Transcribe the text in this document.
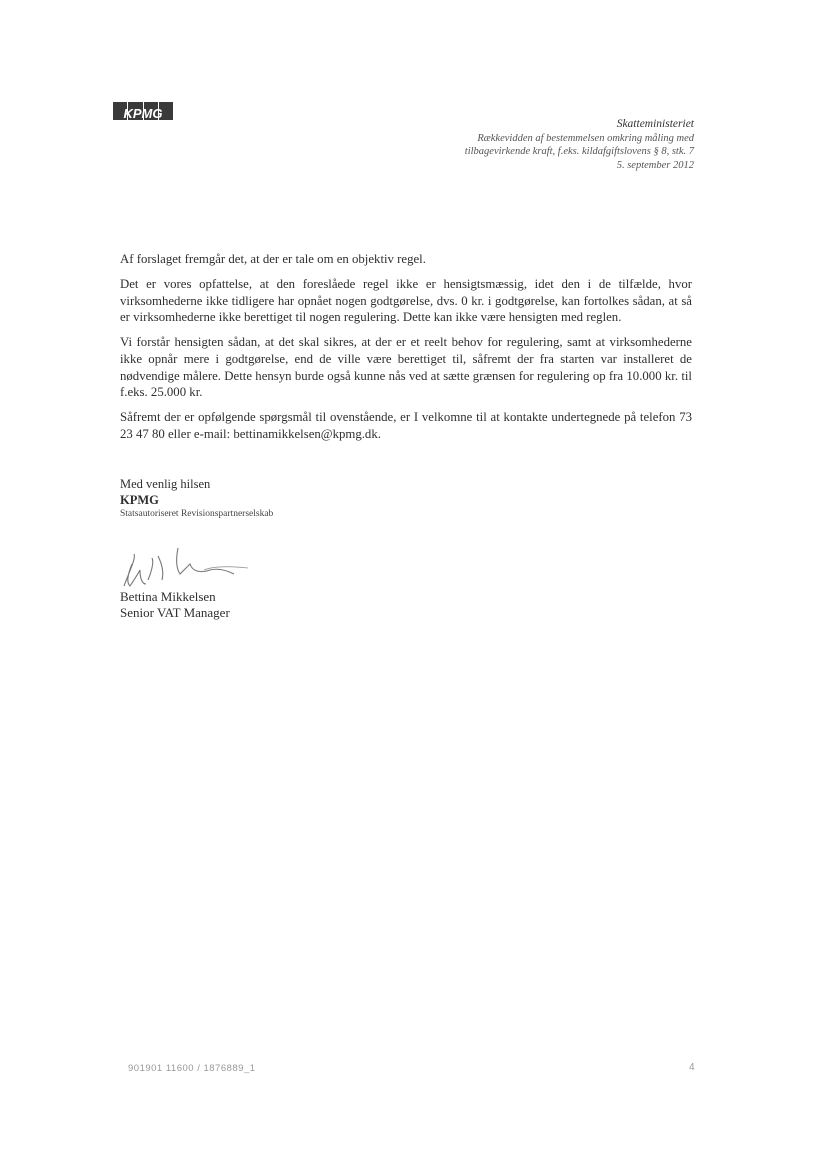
KPMG
Skatteministeriet
Rækkevidden af bestemmelsen omkring måling med
tilbagevirkende kraft, f.eks. kildafgiftslovens § 8, stk. 7
5. september 2012

Af forslaget fremgår det, at der er tale om en objektiv regel.

Det er vores opfattelse, at den foreslåede regel ikke er hensigtsmæssig, idet den i de tilfælde, hvor virksomhederne ikke tidligere har opnået nogen godtgørelse, dvs. 0 kr. i godtgørelse, kan fortolkes sådan, at så er virksomhederne ikke berettiget til nogen regulering. Dette kan ikke være hensigten med reglen.

Vi forstår hensigten sådan, at det skal sikres, at der er et reelt behov for regulering, samt at virksomhederne ikke opnår mere i godtgørelse, end de ville være berettiget til, såfremt der fra starten var installeret de nødvendige målere. Dette hensyn burde også kunne nås ved at sætte grænsen for regulering op fra 10.000 kr. til f.eks. 25.000 kr.

Såfremt der er opfølgende spørgsmål til ovenstående, er I velkomne til at kontakte undertegnede på telefon 73 23 47 80 eller e-mail: bettinamikkelsen@kpmg.dk.

Med venlig hilsen
KPMG
Statsautoriseret Revisionspartnerselskab
Bettina Mikkelsen
Senior VAT Manager
901901 11600 / 1876889_1	4
